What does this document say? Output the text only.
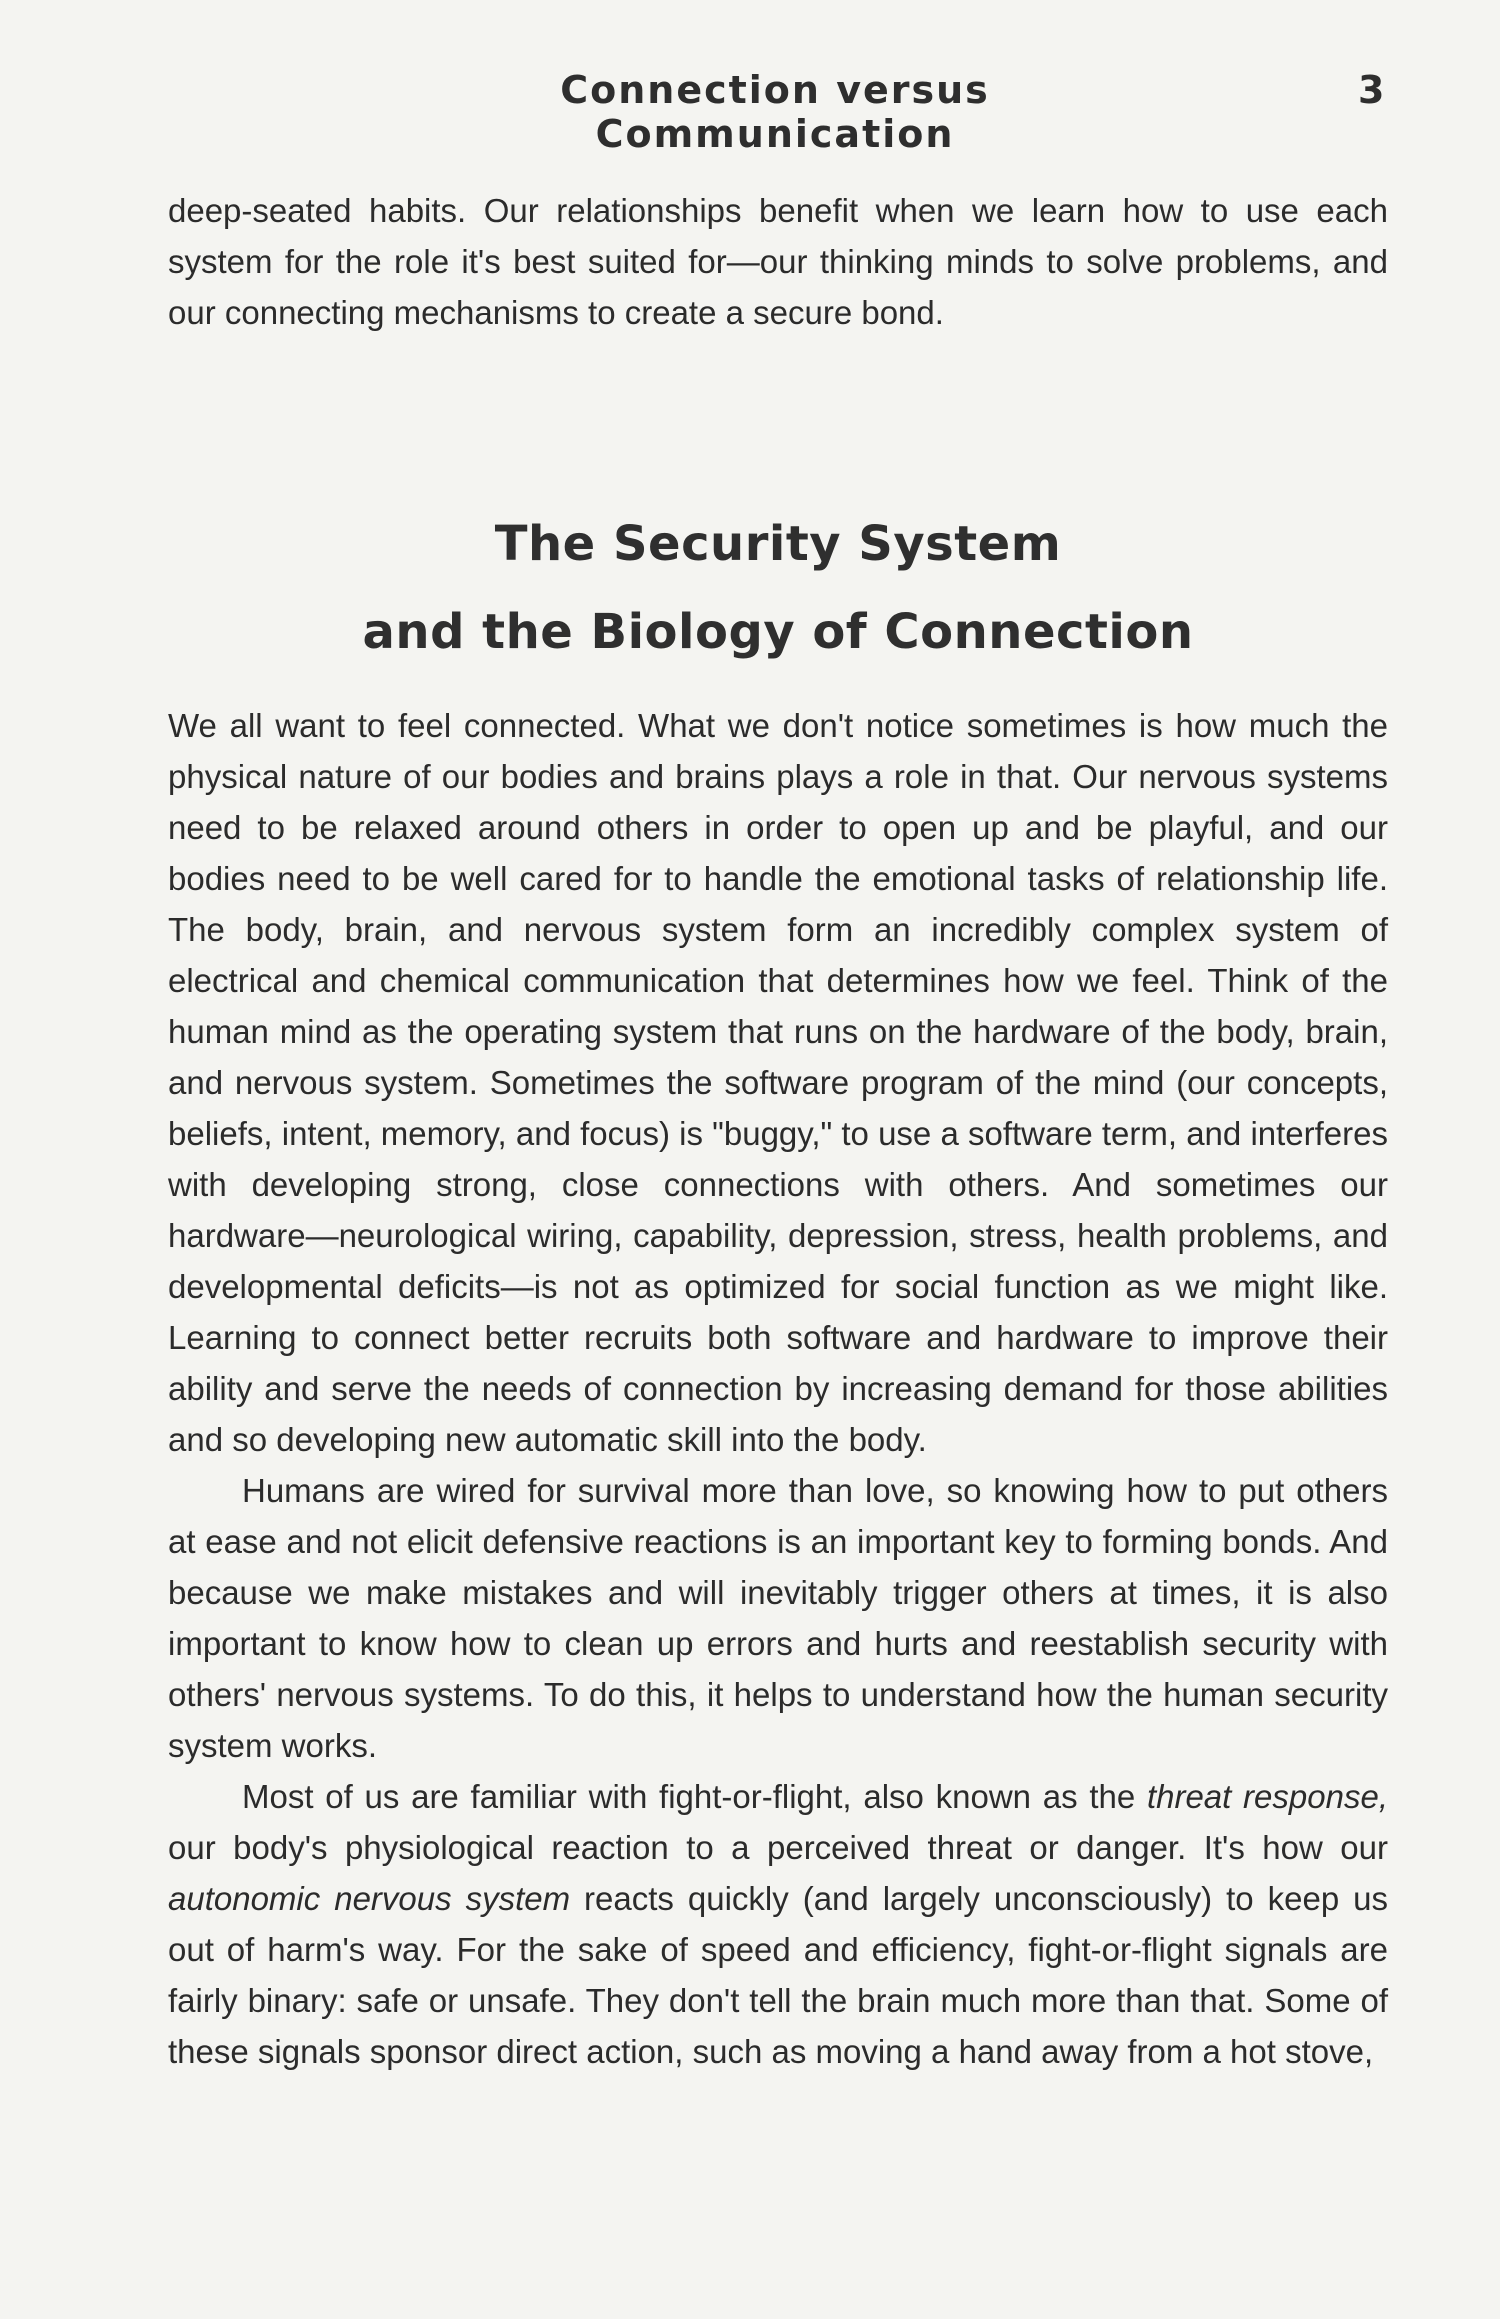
Connection versus Communication
3

deep-seated habits. Our relationships benefit when we learn how to use each system for the role it's best suited for—our thinking minds to solve problems, and our connecting mechanisms to create a secure bond.

The Security System
and the Biology of Connection

We all want to feel connected. What we don't notice sometimes is how much the physical nature of our bodies and brains plays a role in that. Our nervous systems need to be relaxed around others in order to open up and be playful, and our bodies need to be well cared for to handle the emotional tasks of relationship life. The body, brain, and nervous system form an incredibly complex system of electrical and chemical communication that determines how we feel. Think of the human mind as the operating system that runs on the hardware of the body, brain, and nervous system. Sometimes the software program of the mind (our concepts, beliefs, intent, memory, and focus) is "buggy," to use a software term, and interferes with developing strong, close connections with others. And sometimes our hardware—neurological wiring, capability, depression, stress, health problems, and developmental deficits—is not as optimized for social function as we might like. Learning to connect better recruits both software and hardware to improve their ability and serve the needs of connection by increasing demand for those abilities and so developing new automatic skill into the body.

Humans are wired for survival more than love, so knowing how to put others at ease and not elicit defensive reactions is an important key to forming bonds. And because we make mistakes and will inevitably trigger others at times, it is also important to know how to clean up errors and hurts and reestablish security with others' nervous systems. To do this, it helps to understand how the human security system works.

Most of us are familiar with fight-or-flight, also known as the threat response, our body's physiological reaction to a perceived threat or danger. It's how our autonomic nervous system reacts quickly (and largely unconsciously) to keep us out of harm's way. For the sake of speed and efficiency, fight-or-flight signals are fairly binary: safe or unsafe. They don't tell the brain much more than that. Some of these signals sponsor direct action, such as moving a hand away from a hot stove,
